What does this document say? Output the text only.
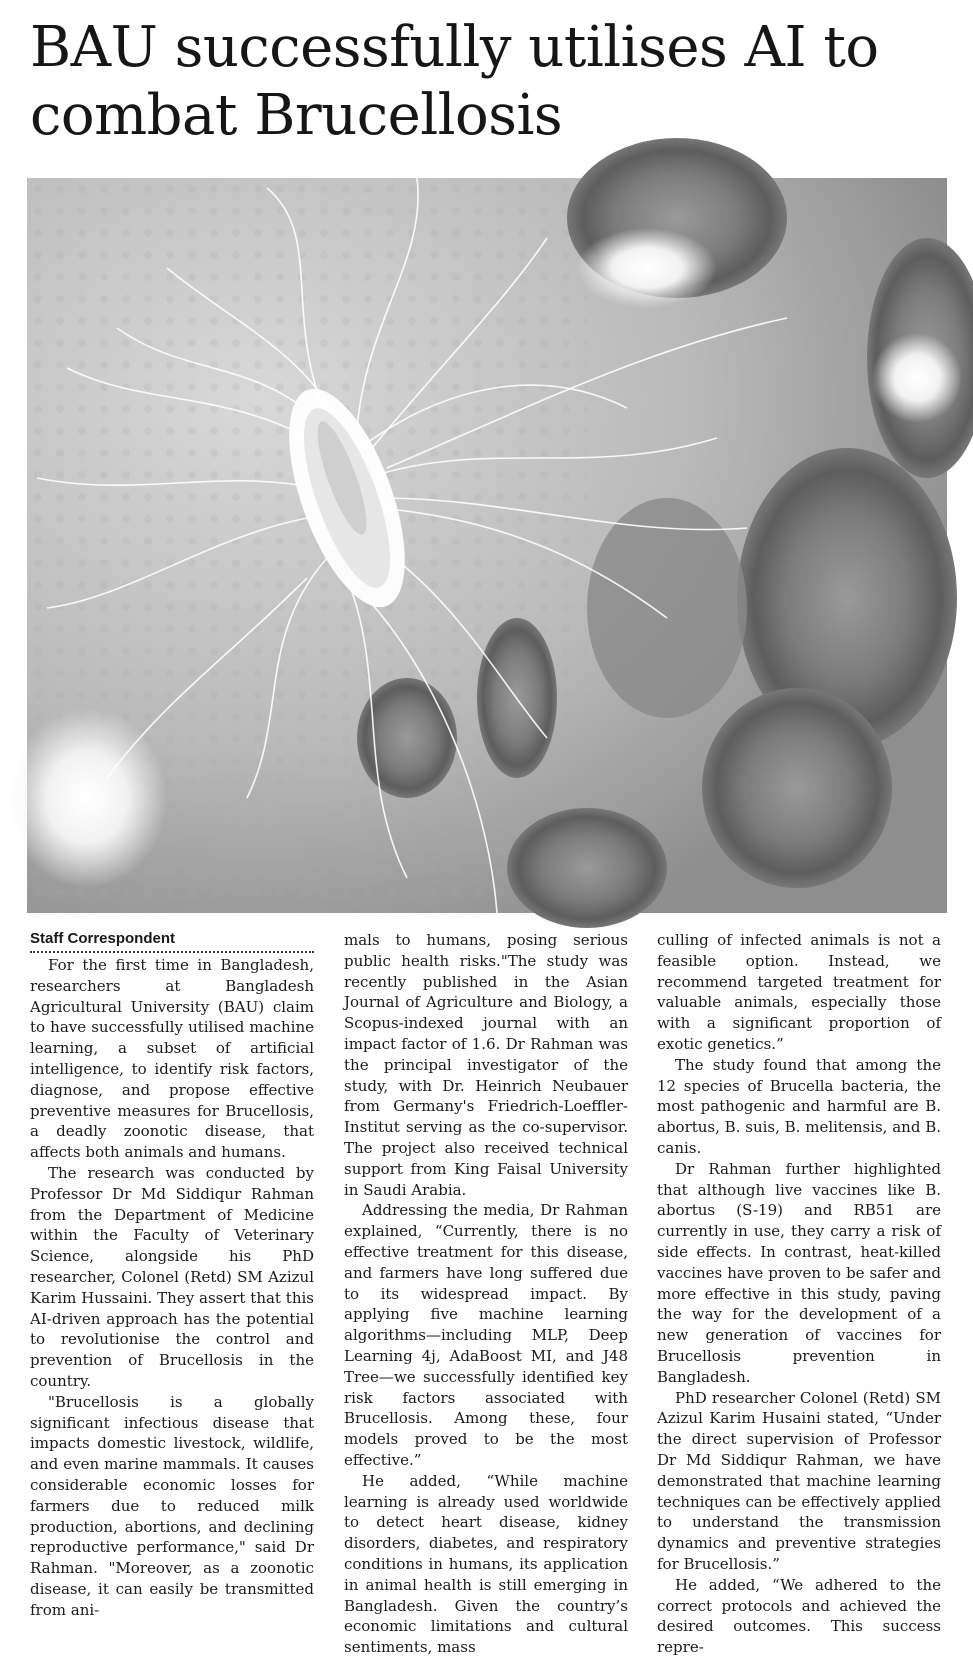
BAU successfully utilises AI to combat Brucellosis
Staff Correspondent

For the first time in Bangladesh, researchers at Bangladesh Agricultural University (BAU) claim to have successfully utilised machine learning, a subset of artificial intelligence, to identify risk factors, diagnose, and propose effective preventive measures for Brucellosis, a deadly zoonotic disease, that affects both animals and humans.

The research was conducted by Professor Dr Md Siddiqur Rahman from the Department of Medicine within the Faculty of Veterinary Science, alongside his PhD researcher, Colonel (Retd) SM Azizul Karim Hussaini. They assert that this AI-driven approach has the potential to revolutionise the control and prevention of Brucellosis in the country.

"Brucellosis is a globally significant infectious disease that impacts domestic livestock, wildlife, and even marine mammals. It causes considerable economic losses for farmers due to reduced milk production, abortions, and declining reproductive performance," said Dr Rahman. "Moreover, as a zoonotic disease, it can easily be transmitted from ani-

mals to humans, posing serious public health risks."The study was recently published in the Asian Journal of Agriculture and Biology, a Scopus-indexed journal with an impact factor of 1.6. Dr Rahman was the principal investigator of the study, with Dr. Heinrich Neubauer from Germany's Friedrich-Loeffler-Institut serving as the co-supervisor. The project also received technical support from King Faisal University in Saudi Arabia.

Addressing the media, Dr Rahman explained, “Currently, there is no effective treatment for this disease, and farmers have long suffered due to its widespread impact. By applying five machine learning algorithms—including MLP, Deep Learning 4j, AdaBoost MI, and J48 Tree—we successfully identified key risk factors associated with Brucellosis. Among these, four models proved to be the most effective.”

He added, “While machine learning is already used worldwide to detect heart disease, kidney disorders, diabetes, and respiratory conditions in humans, its application in animal health is still emerging in Bangladesh. Given the country’s economic limitations and cultural sentiments, mass

culling of infected animals is not a feasible option. Instead, we recommend targeted treatment for valuable animals, especially those with a significant proportion of exotic genetics.”

The study found that among the 12 species of Brucella bacteria, the most pathogenic and harmful are B. abortus, B. suis, B. melitensis, and B. canis.

Dr Rahman further highlighted that although live vaccines like B. abortus (S-19) and RB51 are currently in use, they carry a risk of side effects. In contrast, heat-killed vaccines have proven to be safer and more effective in this study, paving the way for the development of a new generation of vaccines for Brucellosis prevention in Bangladesh.

PhD researcher Colonel (Retd) SM Azizul Karim Husaini stated, “Under the direct supervision of Professor Dr Md Siddiqur Rahman, we have demonstrated that machine learning techniques can be effectively applied to understand the transmission dynamics and preventive strategies for Brucellosis.”

He added, “We adhered to the correct protocols and achieved the desired outcomes. This success repre-
